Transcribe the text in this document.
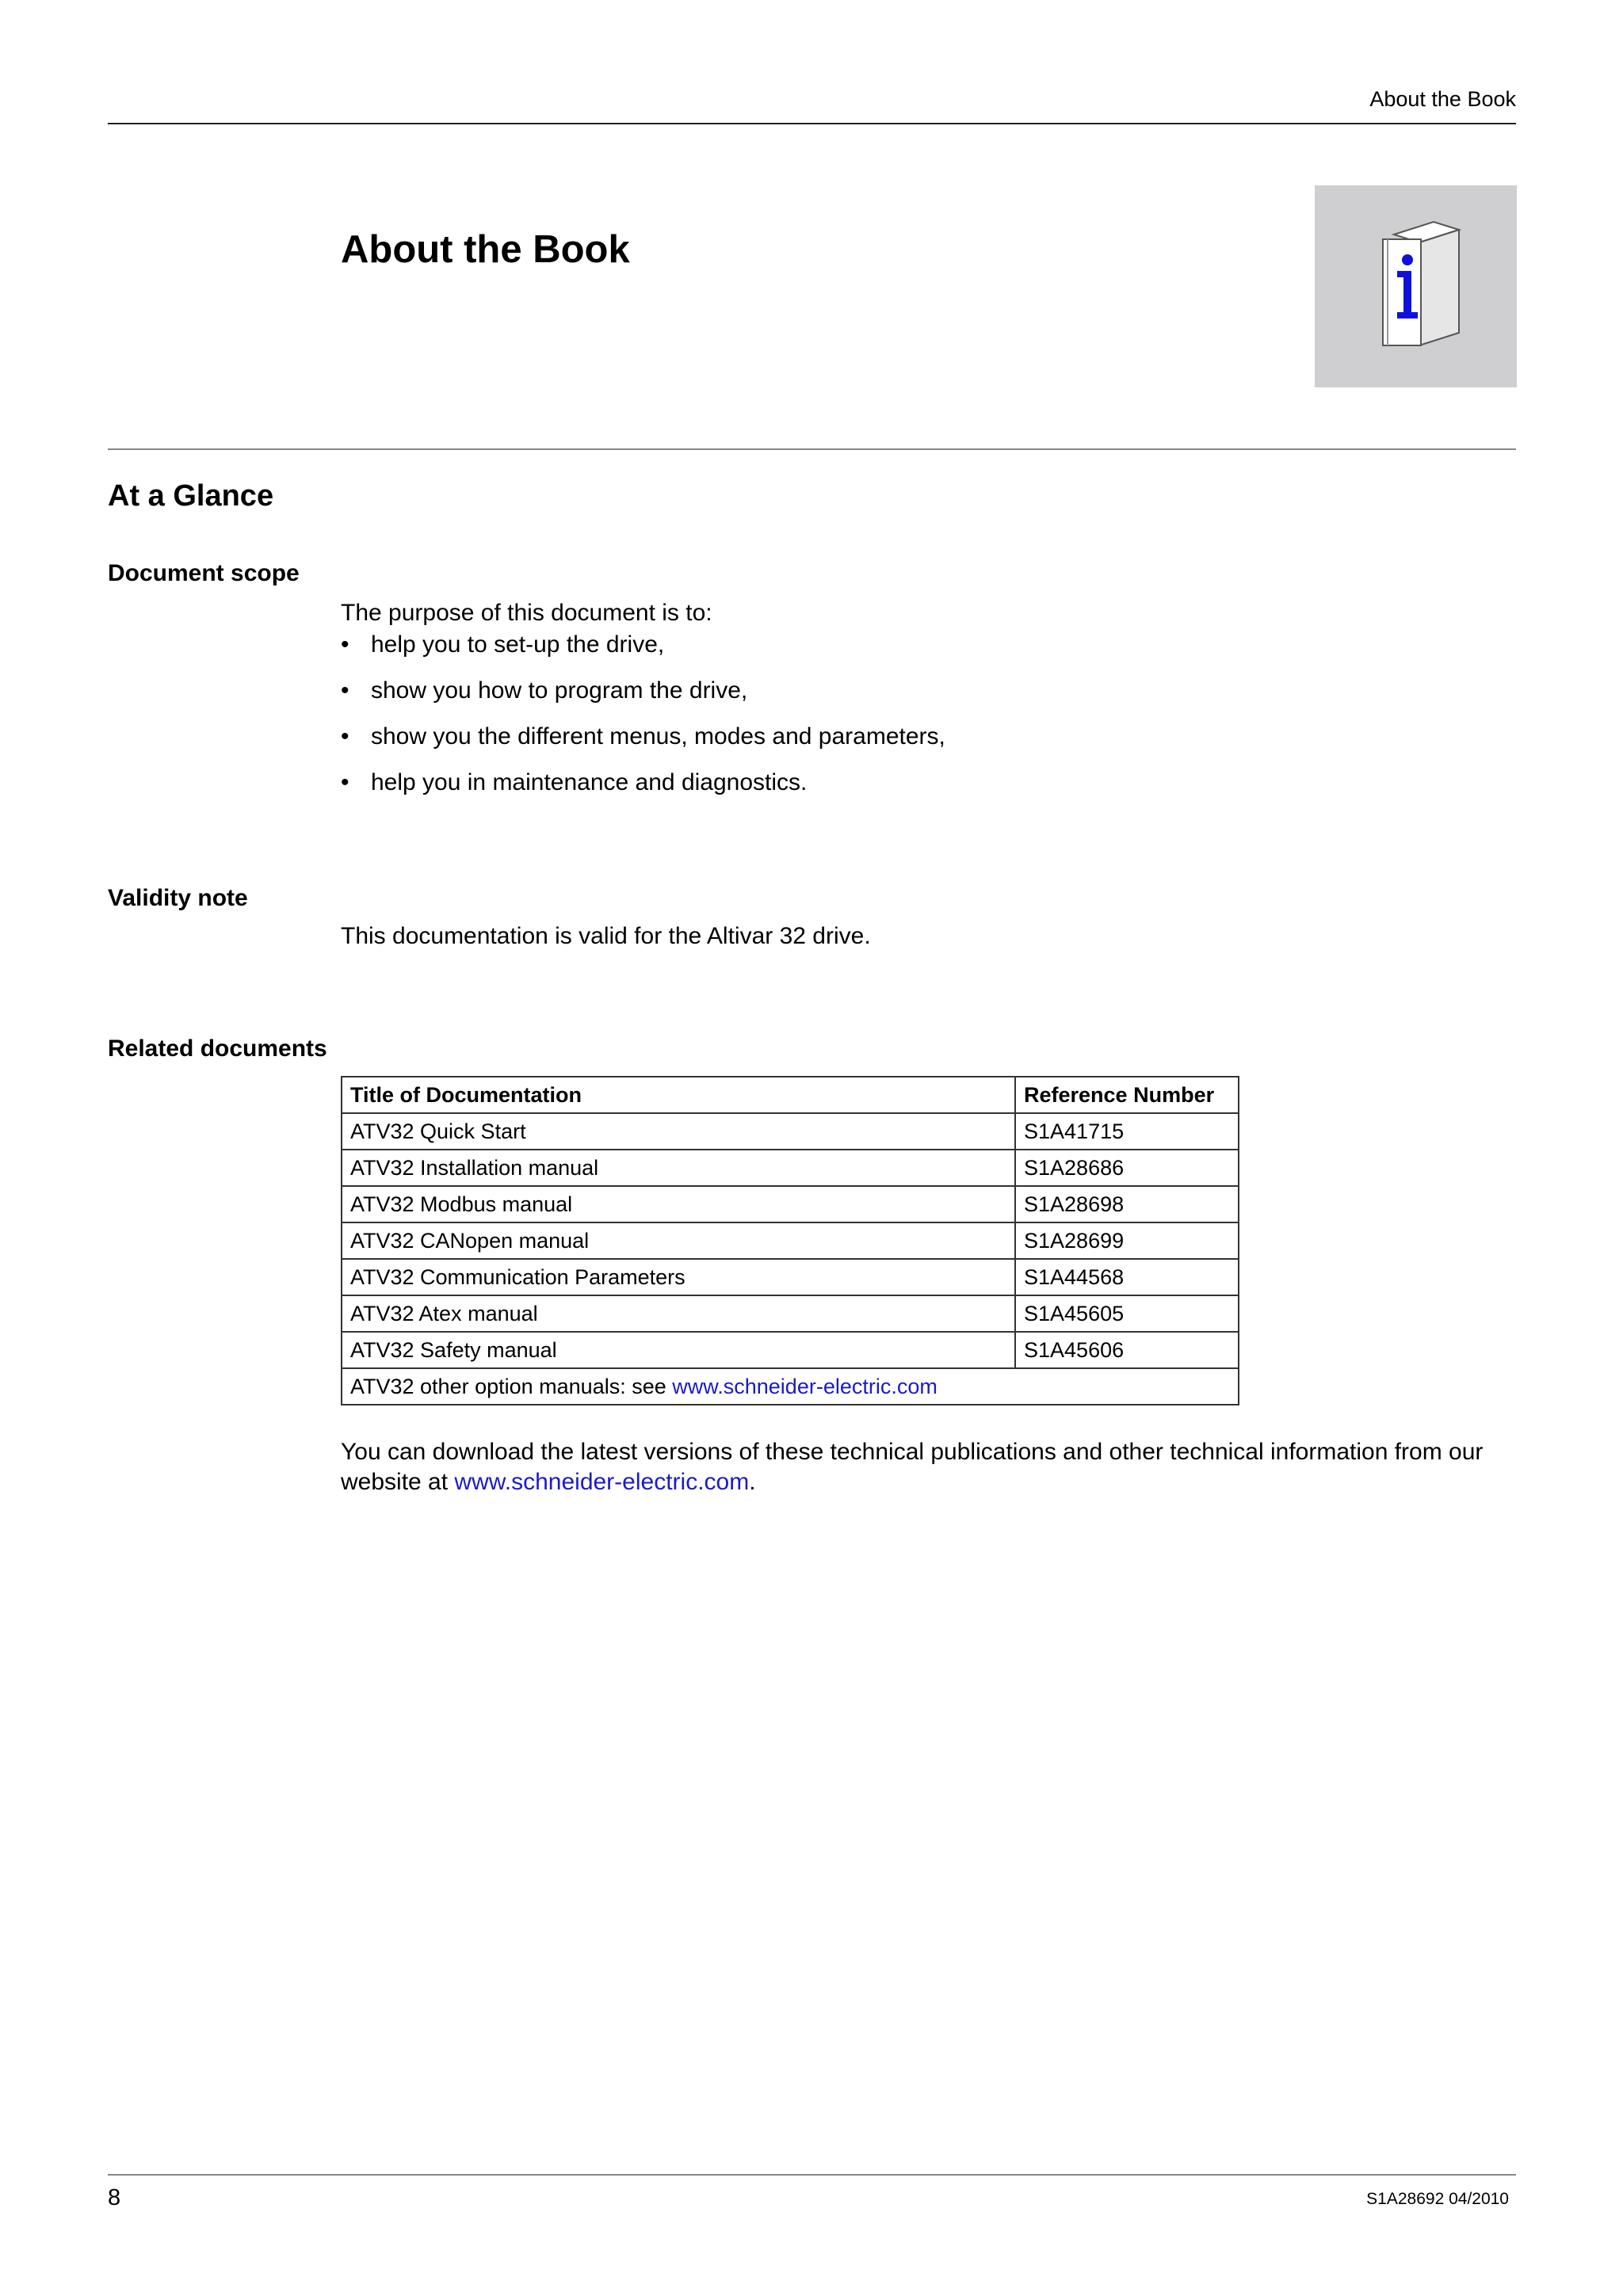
About the Book
About the Book
At a Glance
Document scope
The purpose of this document is to:
• help you to set-up the drive,
• show you how to program the drive,
• show you the different menus, modes and parameters,
• help you in maintenance and diagnostics.
Validity note
This documentation is valid for the Altivar 32 drive.
Related documents
Title of Documentation	Reference Number
ATV32 Quick Start	S1A41715
ATV32 Installation manual	S1A28686
ATV32 Modbus manual	S1A28698
ATV32 CANopen manual	S1A28699
ATV32 Communication Parameters	S1A44568
ATV32 Atex manual	S1A45605
ATV32 Safety manual	S1A45606
ATV32 other option manuals: see www.schneider-electric.com	
You can download the latest versions of these technical publications and other technical information from our website at www.schneider-electric.com.
8	S1A28692 04/2010
